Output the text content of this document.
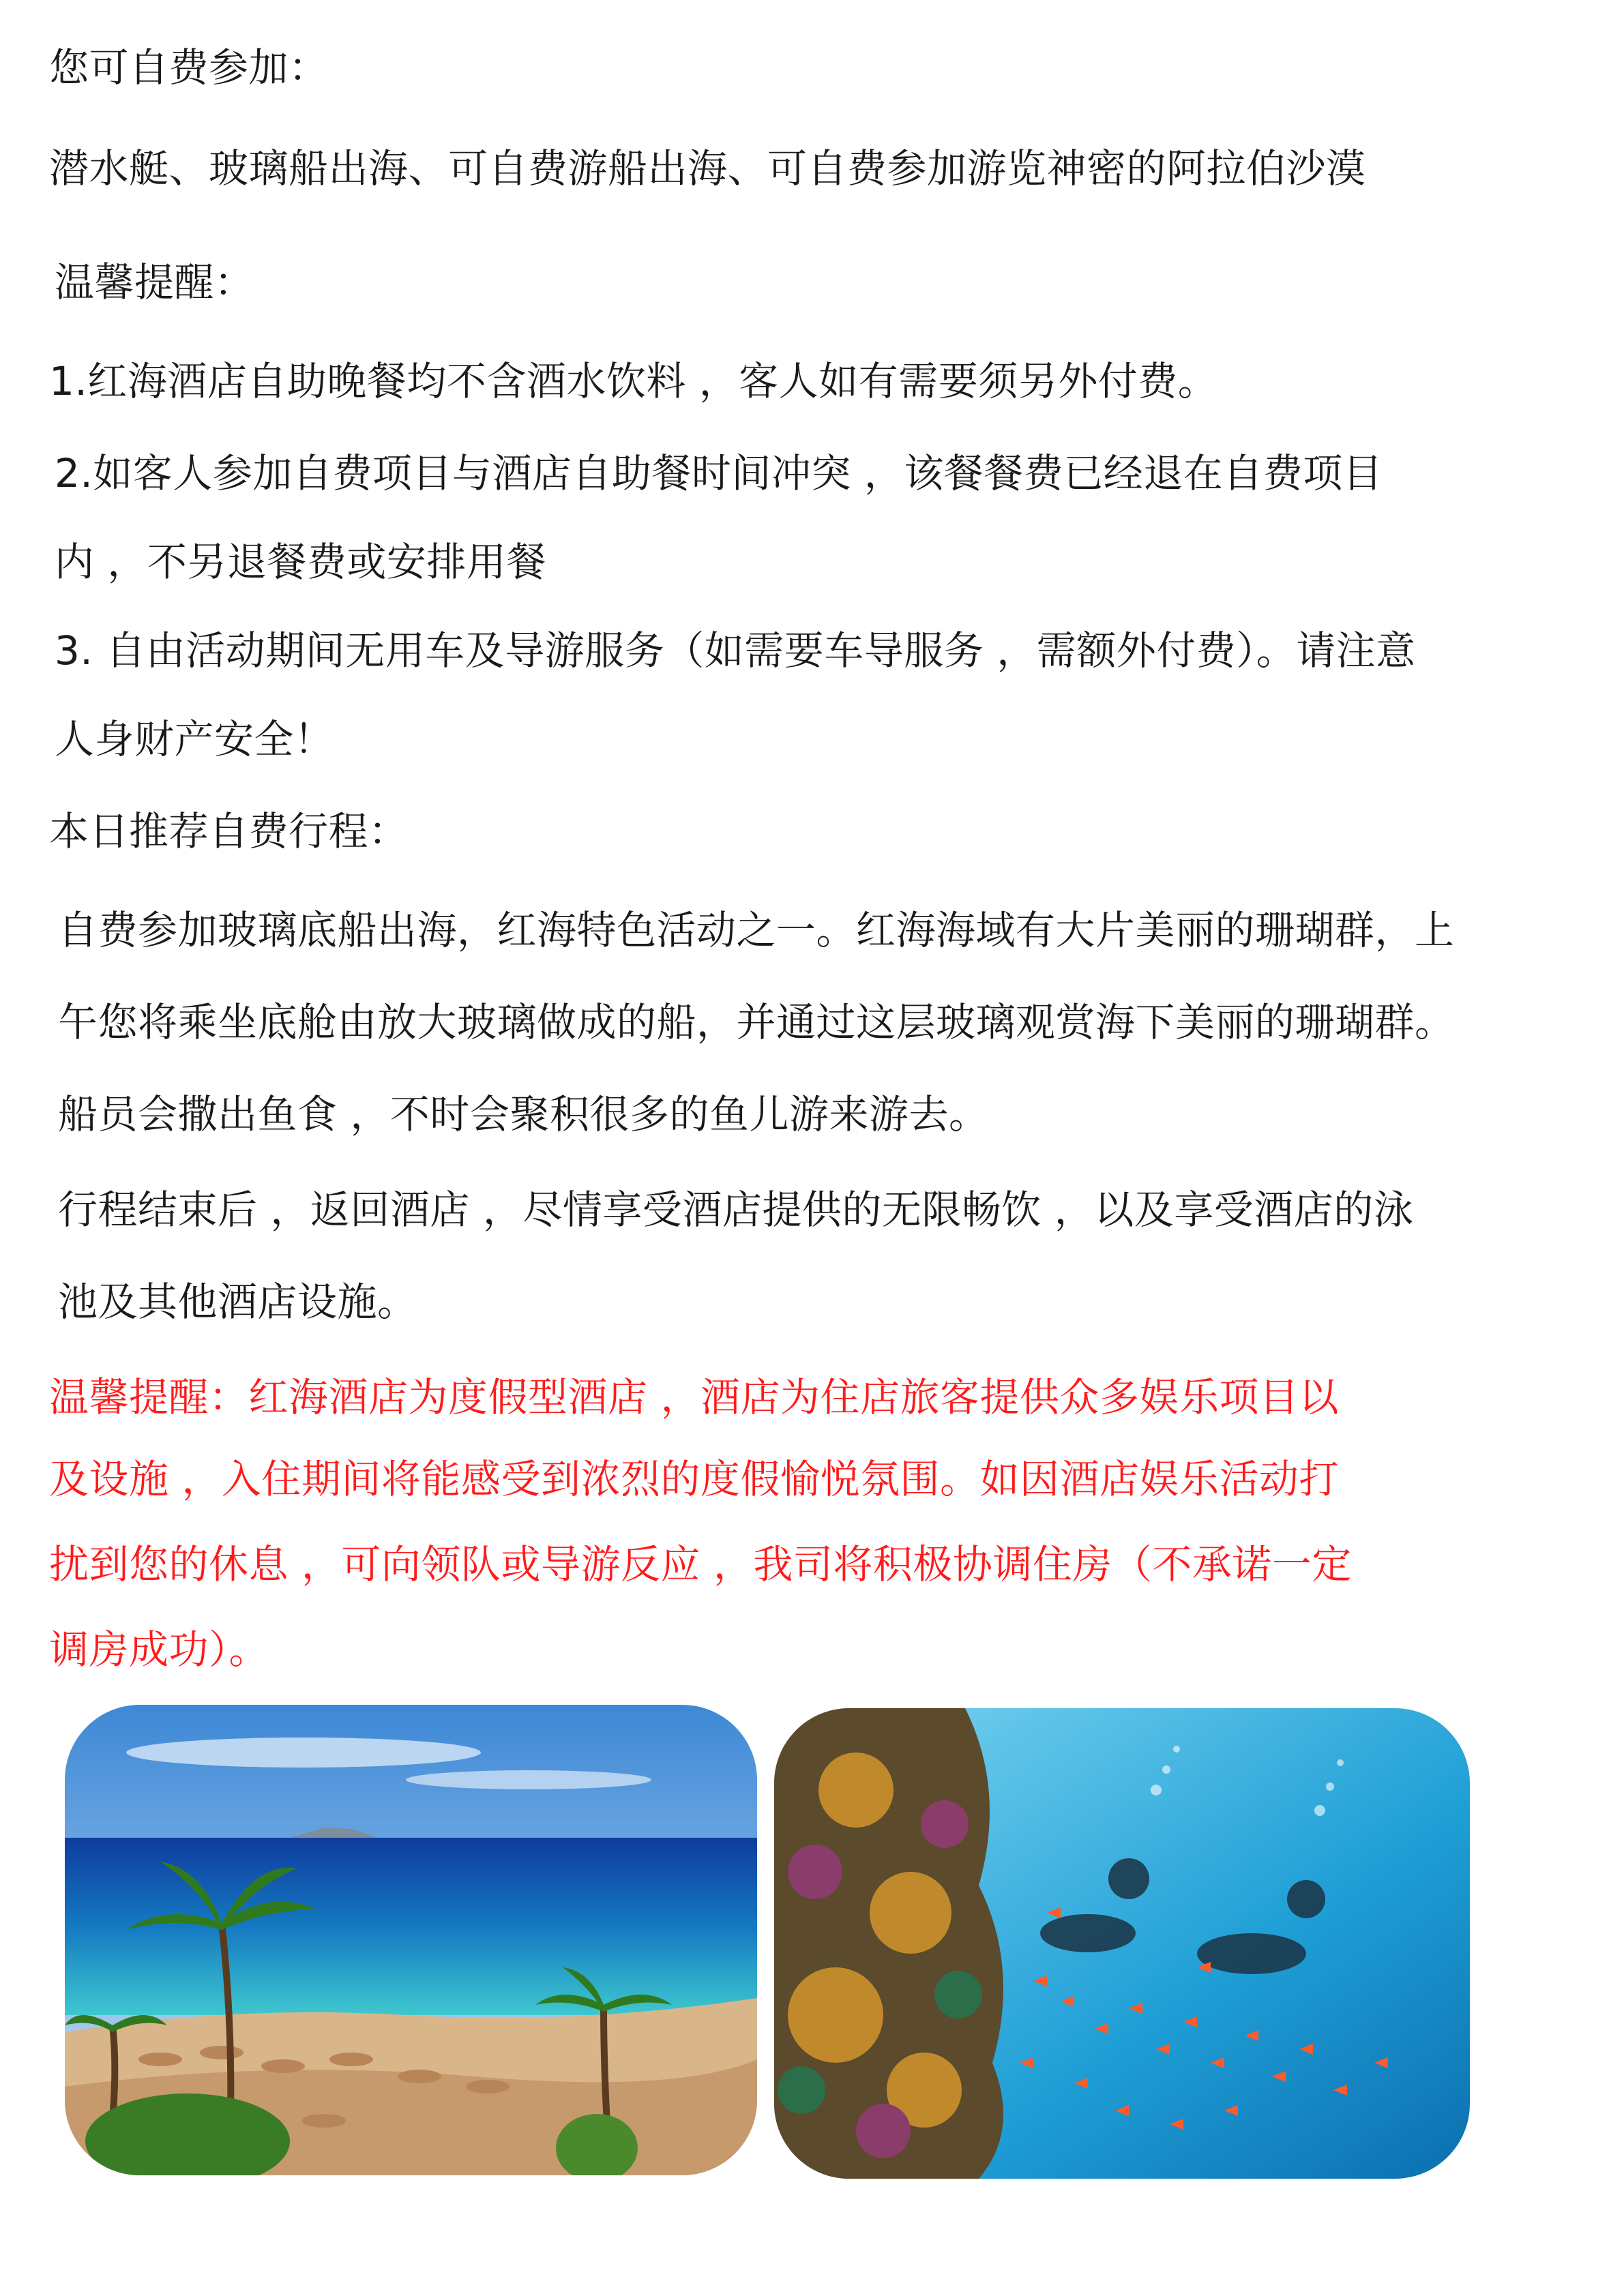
您可自费参加：
潜水艇、玻璃船出海、可自费游船出海、可自费参加游览神密的阿拉伯沙漠
温馨提醒：
1.红海酒店自助晚餐均不含酒水饮料 ，客人如有需要须另外付费。
2.如客人参加自费项目与酒店自助餐时间冲突 ，该餐餐费已经退在自费项目
内 ，不另退餐费或安排用餐
3. 自由活动期间无用车及导游服务（如需要车导服务 ，需额外付费）。请注意
人身财产安全！
本日推荐自费行程：
自费参加玻璃底船出海，红海特色活动之一。红海海域有大片美丽的珊瑚群，上
午您将乘坐底舱由放大玻璃做成的船，并通过这层玻璃观赏海下美丽的珊瑚群。
船员会撒出鱼食 ，不时会聚积很多的鱼儿游来游去。
行程结束后 ，返回酒店 ，尽情享受酒店提供的无限畅饮 ，以及享受酒店的泳
池及其他酒店设施。
温馨提醒：红海酒店为度假型酒店 ，酒店为住店旅客提供众多娱乐项目以
及设施 ，入住期间将能感受到浓烈的度假愉悦氛围。如因酒店娱乐活动打
扰到您的休息 ，可向领队或导游反应 ，我司将积极协调住房（不承诺一定
调房成功）。
